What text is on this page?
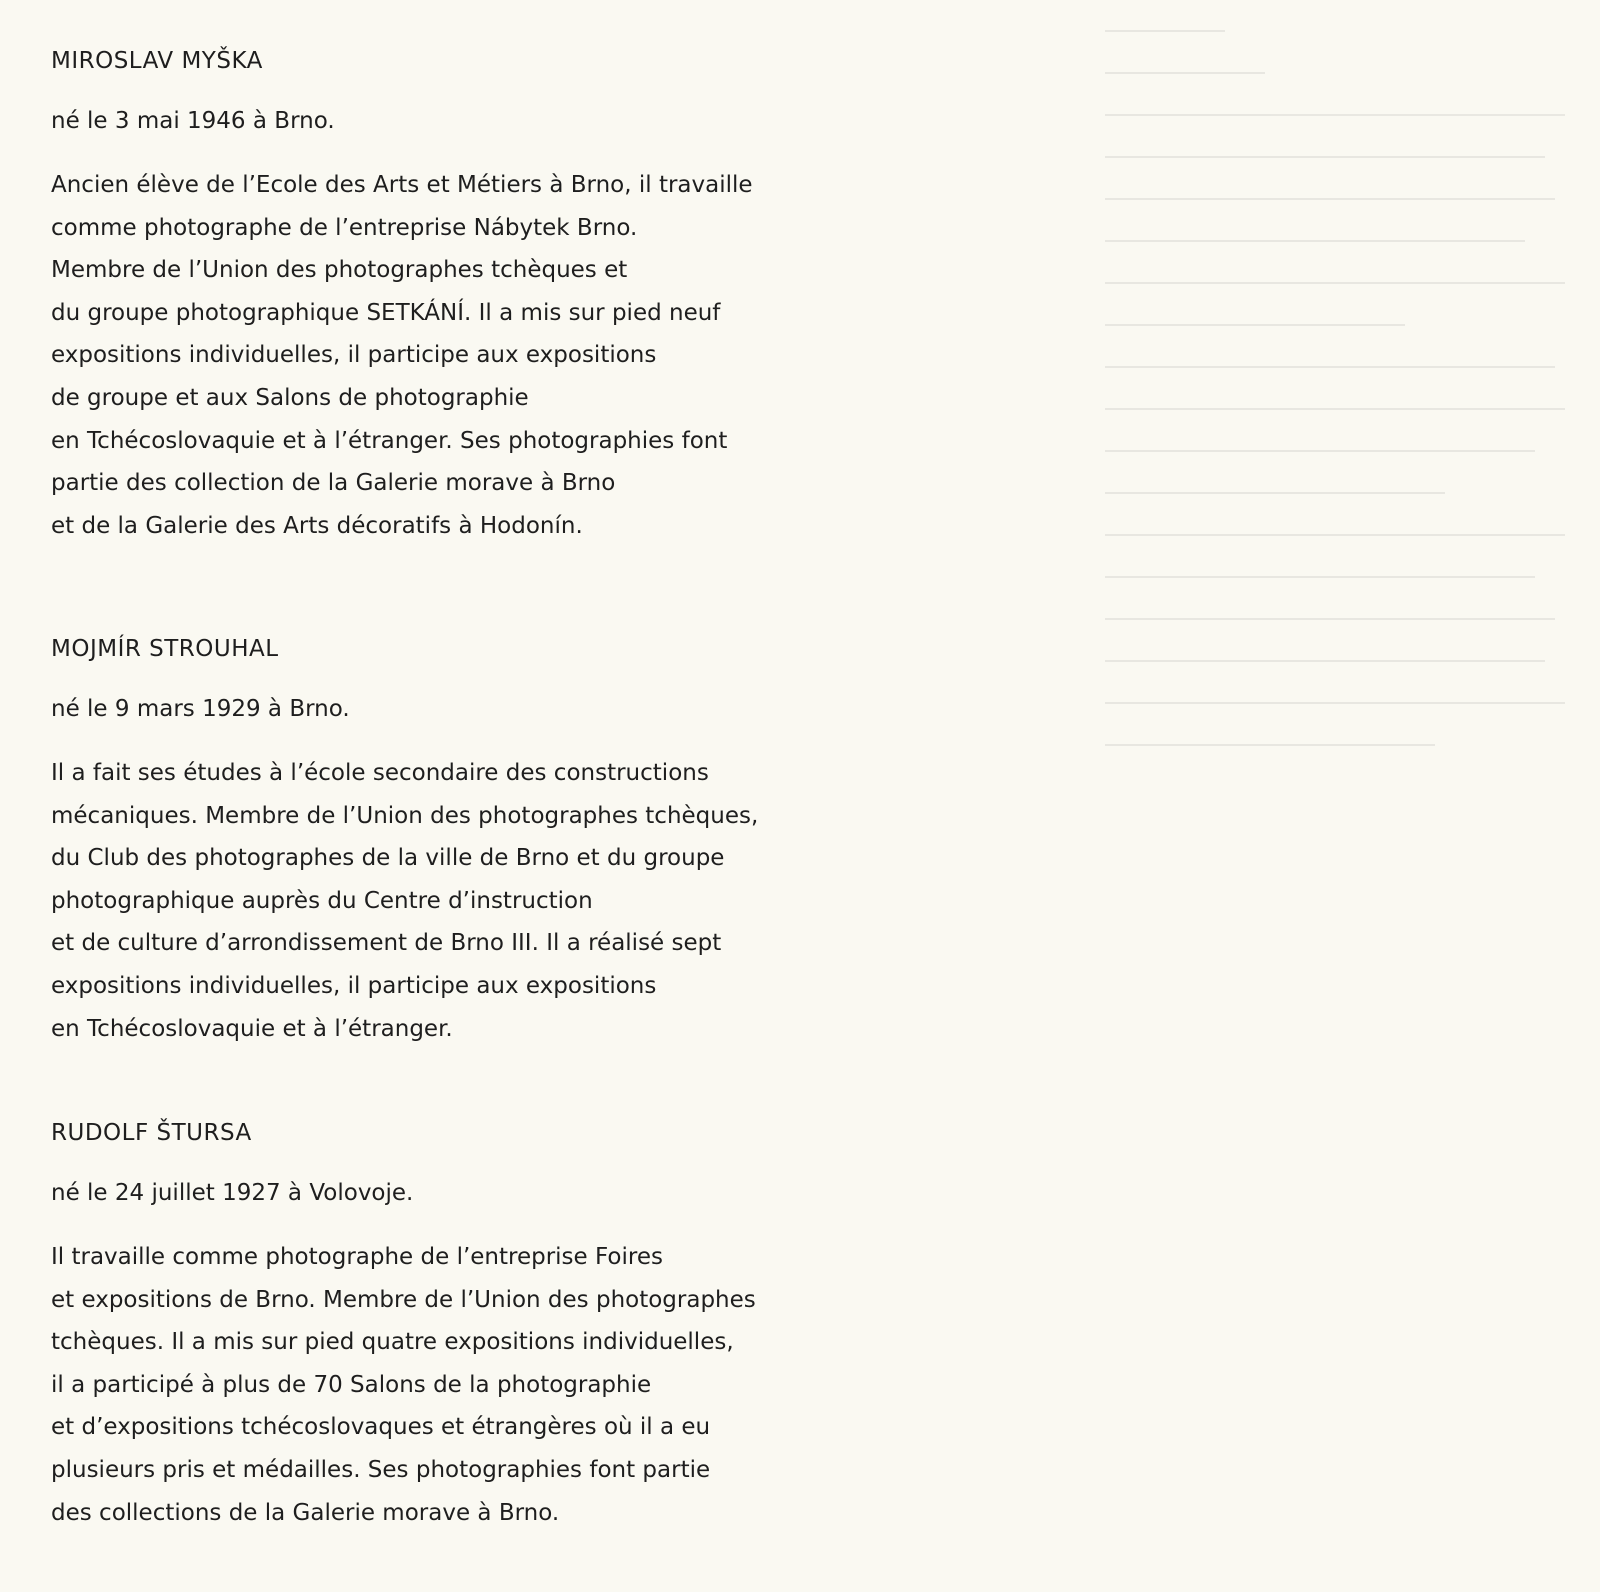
MIROSLAV MYŠKA

né le 3 mai 1946 à Brno.

Ancien élève de l’Ecole des Arts et Métiers à Brno, il travaille
comme photographe de l’entreprise Nábytek Brno.
Membre de l’Union des photographes tchèques et
du groupe photographique SETKÁNÍ. Il a mis sur pied neuf
expositions individuelles, il participe aux expositions
de groupe et aux Salons de photographie
en Tchécoslovaquie et à l’étranger. Ses photographies font
partie des collection de la Galerie morave à Brno
et de la Galerie des Arts décoratifs à Hodonín.

MOJMÍR STROUHAL

né le 9 mars 1929 à Brno.

Il a fait ses études à l’école secondaire des constructions
mécaniques. Membre de l’Union des photographes tchèques,
du Club des photographes de la ville de Brno et du groupe
photographique auprès du Centre d’instruction
et de culture d’arrondissement de Brno III. Il a réalisé sept
expositions individuelles, il participe aux expositions
en Tchécoslovaquie et à l’étranger.

RUDOLF ŠTURSA

né le 24 juillet 1927 à Volovoje.

Il travaille comme photographe de l’entreprise Foires
et expositions de Brno. Membre de l’Union des photographes
tchèques. Il a mis sur pied quatre expositions individuelles,
il a participé à plus de 70 Salons de la photographie
et d’expositions tchécoslovaques et étrangères où il a eu
plusieurs pris et médailles. Ses photographies font partie
des collections de la Galerie morave à Brno.
